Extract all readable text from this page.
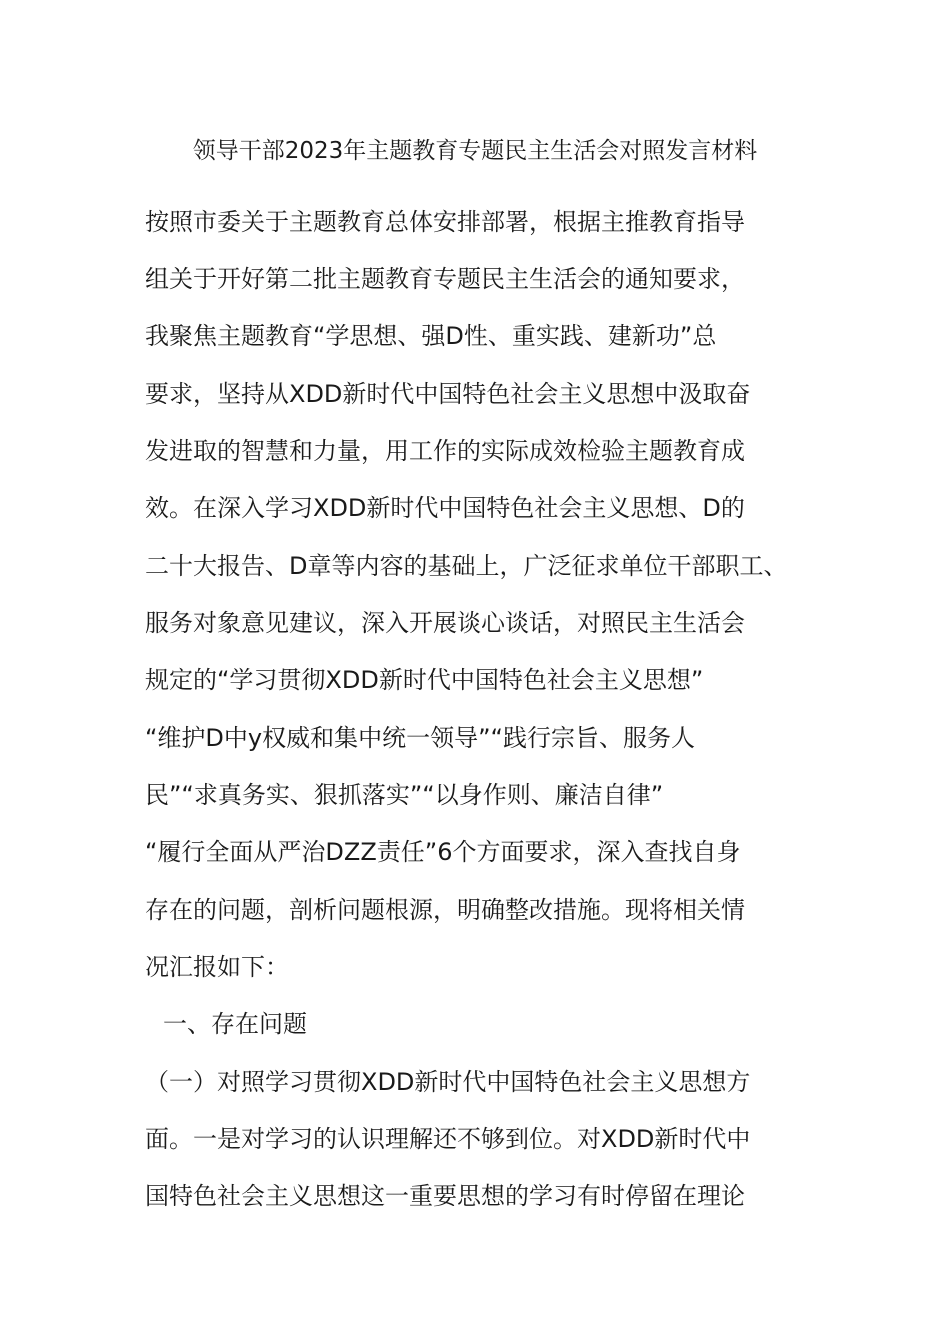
领导干部2023年主题教育专题民主生活会对照发言材料
按照市委关于主题教育总体安排部署，根据主推教育指导
组关于开好第二批主题教育专题民主生活会的通知要求，
我聚焦主题教育“学思想、强D性、重实践、建新功”总
要求，坚持从XDD新时代中国特色社会主义思想中汲取奋
发进取的智慧和力量，用工作的实际成效检验主题教育成
效。在深入学习XDD新时代中国特色社会主义思想、D的
二十大报告、D章等内容的基础上，广泛征求单位干部职工、
服务对象意见建议，深入开展谈心谈话，对照民主生活会
规定的“学习贯彻XDD新时代中国特色社会主义思想”
“维护D中y权威和集中统一领导”“践行宗旨、服务人
民”“求真务实、狠抓落实”“以身作则、廉洁自律”
“履行全面从严治DZZ责任”6个方面要求，深入查找自身
存在的问题，剖析问题根源，明确整改措施。现将相关情
况汇报如下：
一、存在问题
（一）对照学习贯彻XDD新时代中国特色社会主义思想方
面。一是对学习的认识理解还不够到位。对XDD新时代中
国特色社会主义思想这一重要思想的学习有时停留在理论
